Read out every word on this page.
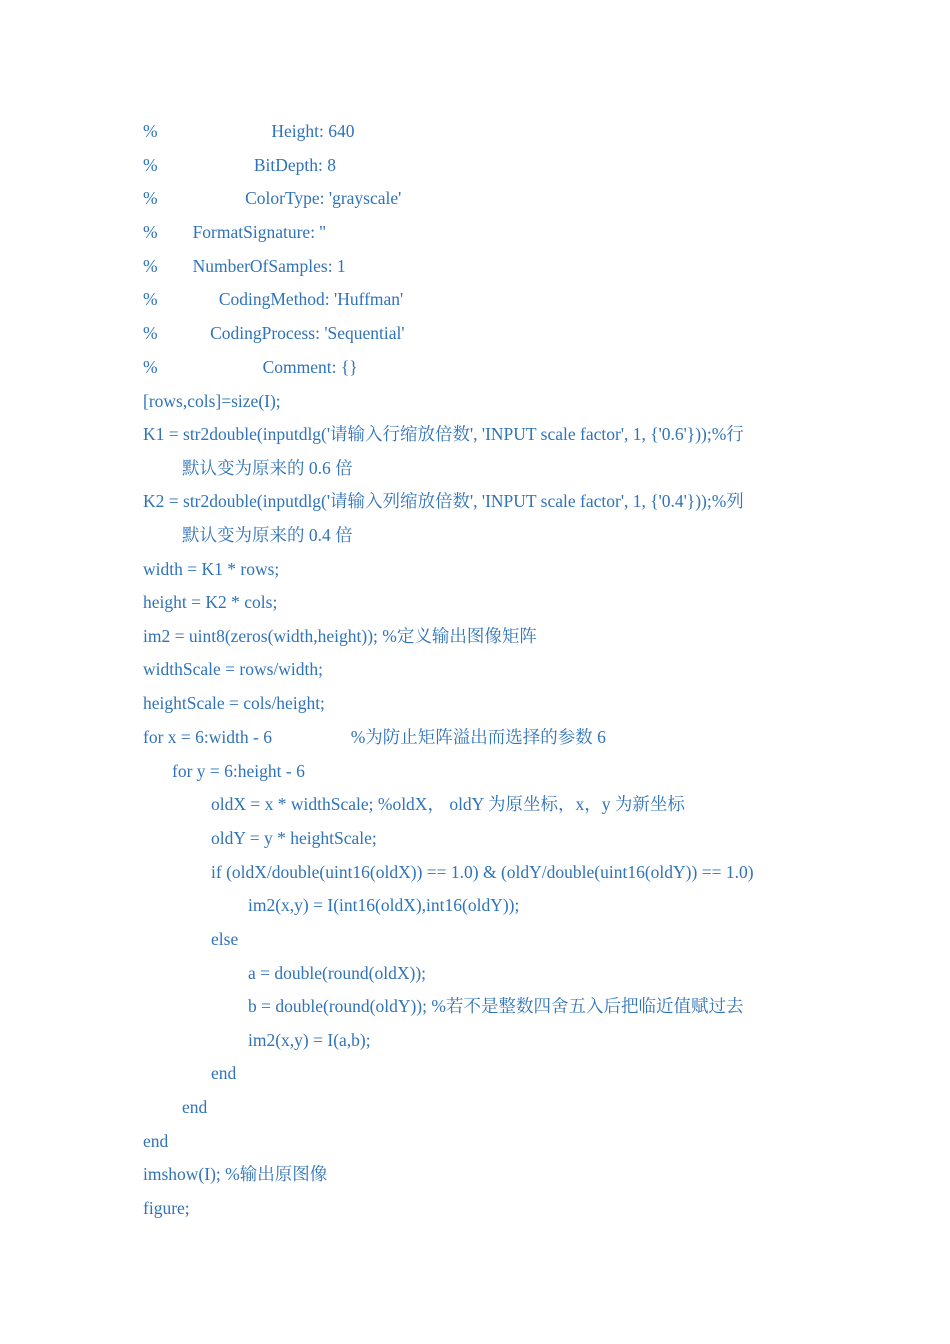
%                          Height: 640
%                      BitDepth: 8
%                    ColorType: 'grayscale'
%        FormatSignature: ''
%        NumberOfSamples: 1
%              CodingMethod: 'Huffman'
%            CodingProcess: 'Sequential'
%                        Comment: {}
[rows,cols]=size(I);
K1 = str2double(inputdlg('请输入行缩放倍数', 'INPUT scale factor', 1, {'0.6'}));%行
默认变为原来的 0.6 倍
K2 = str2double(inputdlg('请输入列缩放倍数', 'INPUT scale factor', 1, {'0.4'}));%列
默认变为原来的 0.4 倍
width = K1 * rows;
height = K2 * cols;
im2 = uint8(zeros(width,height)); %定义输出图像矩阵
widthScale = rows/width;
heightScale = cols/height;
for x = 6:width - 6                  %为防止矩阵溢出而选择的参数 6
for y = 6:height - 6
oldX = x * widthScale; %oldX， oldY 为原坐标，x，y 为新坐标
oldY = y * heightScale;
if (oldX/double(uint16(oldX)) == 1.0) & (oldY/double(uint16(oldY)) == 1.0)
im2(x,y) = I(int16(oldX),int16(oldY));
else
a = double(round(oldX));
b = double(round(oldY)); %若不是整数四舍五入后把临近值赋过去
im2(x,y) = I(a,b);
end
end
end
imshow(I); %输出原图像
figure;
